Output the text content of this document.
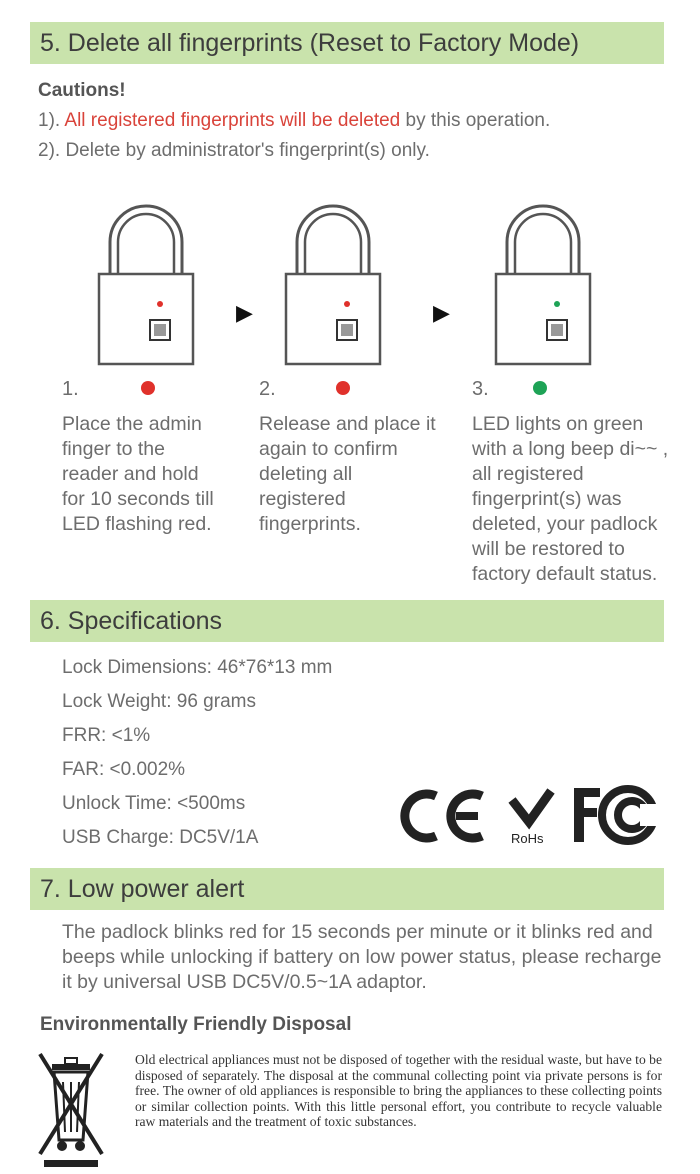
5. Delete all fingerprints (Reset to Factory Mode)
Cautions!
1). All registered fingerprints will be deleted by this operation.
2). Delete by administrator's fingerprint(s) only.
▶	▶
1.
Place the admin
finger to the
reader and hold
for 10 seconds till
LED flashing red.
2.
Release and place it
again to confirm
deleting all
registered
fingerprints.
3.
LED lights on green
with a long beep di~~ ,
all registered
fingerprint(s) was
deleted, your padlock
will be restored to
factory default status.
6. Specifications
Lock Dimensions: 46*76*13 mm
Lock Weight: 96 grams
FRR: <1%
FAR: <0.002%
Unlock Time: <500ms
USB Charge: DC5V/1A	RoHs
7. Low power alert
The padlock blinks red for 15 seconds per minute or it blinks red and beeps while unlocking if battery on low power status, please recharge it by universal USB DC5V/0.5~1A adaptor.
Environmentally Friendly Disposal
Old electrical appliances must not be disposed of together with the residual waste, but have to be disposed of separately. The disposal at the communal collecting point via private persons is for free. The owner of old appliances is responsible to bring the appliances to these collecting points or similar collection points. With this little personal effort, you contribute to recycle valuable raw materials and the treatment of toxic substances.
